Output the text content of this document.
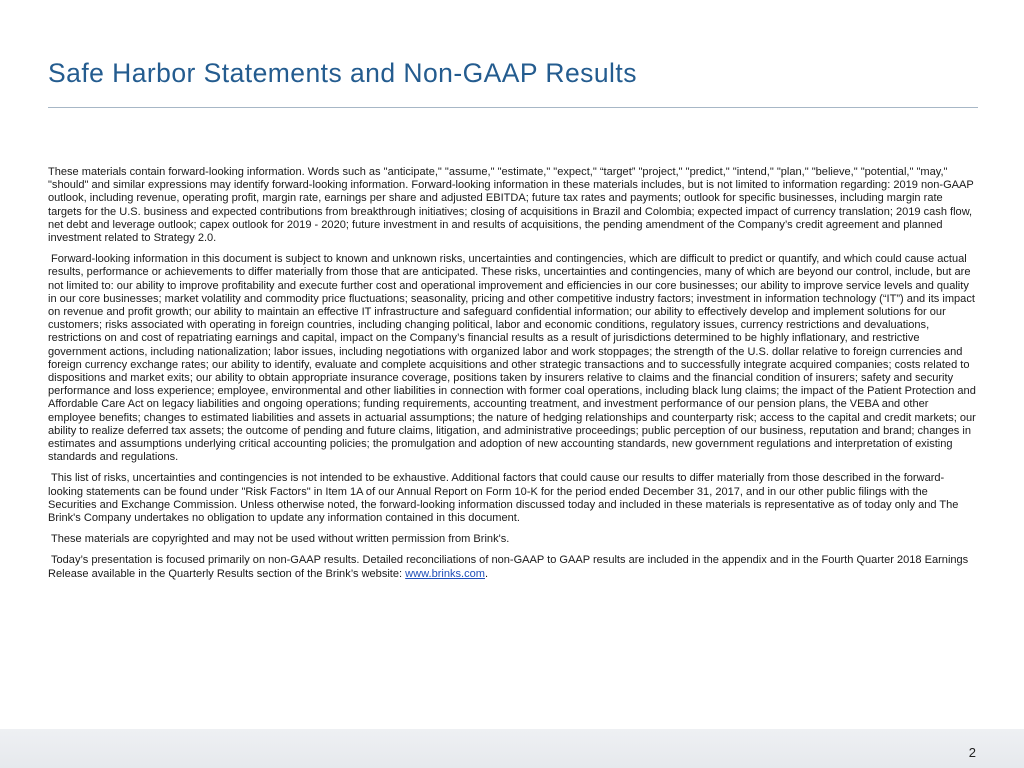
Safe Harbor Statements and Non-GAAP Results

These materials contain forward-looking information. Words such as "anticipate," "assume," "estimate," "expect," “target” "project," "predict," "intend," "plan," "believe," "potential," "may," "should" and similar expressions may identify forward-looking information. Forward-looking information in these materials includes, but is not limited to information regarding: 2019 non-GAAP outlook, including revenue, operating profit, margin rate, earnings per share and adjusted EBITDA; future tax rates and payments; outlook for specific businesses, including margin rate targets for the U.S. business and expected contributions from breakthrough initiatives; closing of acquisitions in Brazil and Colombia; expected impact of currency translation; 2019 cash flow, net debt and leverage outlook; capex outlook for 2019 - 2020; future investment in and results of acquisitions, the pending amendment of the Company’s credit agreement and planned investment related to Strategy 2.0.

Forward-looking information in this document is subject to known and unknown risks, uncertainties and contingencies, which are difficult to predict or quantify, and which could cause actual results, performance or achievements to differ materially from those that are anticipated. These risks, uncertainties and contingencies, many of which are beyond our control, include, but are not limited to: our ability to improve profitability and execute further cost and operational improvement and efficiencies in our core businesses; our ability to improve service levels and quality in our core businesses; market volatility and commodity price fluctuations; seasonality, pricing and other competitive industry factors; investment in information technology (“IT”) and its impact on revenue and profit growth; our ability to maintain an effective IT infrastructure and safeguard confidential information; our ability to effectively develop and implement solutions for our customers; risks associated with operating in foreign countries, including changing political, labor and economic conditions, regulatory issues, currency restrictions and devaluations, restrictions on and cost of repatriating earnings and capital, impact on the Company’s financial results as a result of jurisdictions determined to be highly inflationary, and restrictive government actions, including nationalization; labor issues, including negotiations with organized labor and work stoppages; the strength of the U.S. dollar relative to foreign currencies and foreign currency exchange rates; our ability to identify, evaluate and complete acquisitions and other strategic transactions and to successfully integrate acquired companies; costs related to dispositions and market exits; our ability to obtain appropriate insurance coverage, positions taken by insurers relative to claims and the financial condition of insurers; safety and security performance and loss experience; employee, environmental and other liabilities in connection with former coal operations, including black lung claims; the impact of the Patient Protection and Affordable Care Act on legacy liabilities and ongoing operations; funding requirements, accounting treatment, and investment performance of our pension plans, the VEBA and other employee benefits; changes to estimated liabilities and assets in actuarial assumptions; the nature of hedging relationships and counterparty risk; access to the capital and credit markets; our ability to realize deferred tax assets; the outcome of pending and future claims, litigation, and administrative proceedings; public perception of our business, reputation and brand; changes in estimates and assumptions underlying critical accounting policies; the promulgation and adoption of new accounting standards, new government regulations and interpretation of existing standards and regulations.

This list of risks, uncertainties and contingencies is not intended to be exhaustive. Additional factors that could cause our results to differ materially from those described in the forward-looking statements can be found under "Risk Factors" in Item 1A of our Annual Report on Form 10-K for the period ended December 31, 2017, and in our other public filings with the Securities and Exchange Commission. Unless otherwise noted, the forward-looking information discussed today and included in these materials is representative as of today only and The Brink's Company undertakes no obligation to update any information contained in this document.

These materials are copyrighted and may not be used without written permission from Brink's.

Today’s presentation is focused primarily on non-GAAP results. Detailed reconciliations of non-GAAP to GAAP results are included in the appendix and in the Fourth Quarter 2018 Earnings Release available in the Quarterly Results section of the Brink’s website: www.brinks.com.

2
